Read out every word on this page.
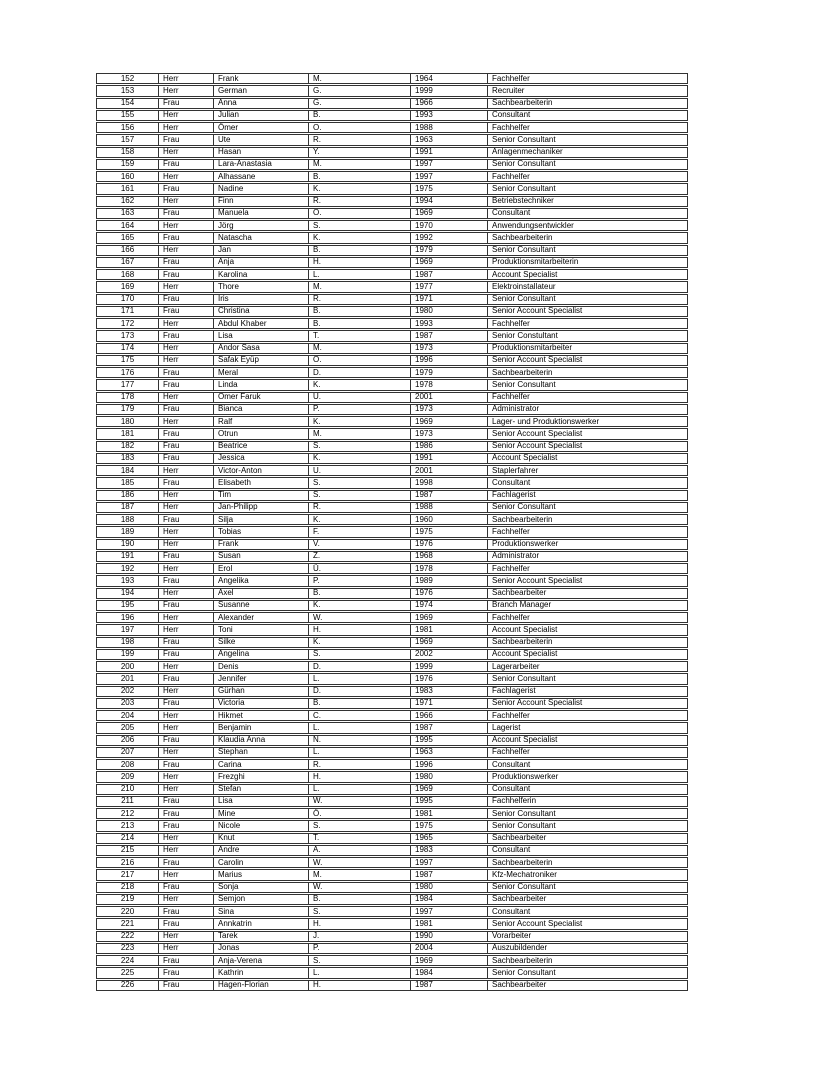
152	Herr	Frank	M.	1964	Fachhelfer
153	Herr	German	G.	1999	Recruiter
154	Frau	Anna	G.	1966	Sachbearbeiterin
155	Herr	Julian	B.	1993	Consultant
156	Herr	Ömer	O.	1988	Fachhelfer
157	Frau	Ute	R.	1963	Senior Consultant
158	Herr	Hasan	Y.	1991	Anlagenmechaniker
159	Frau	Lara-Anastasia	M.	1997	Senior Consultant
160	Herr	Alhassane	B.	1997	Fachhelfer
161	Frau	Nadine	K.	1975	Senior Consultant
162	Herr	Finn	R.	1994	Betriebstechniker
163	Frau	Manuela	O.	1969	Consultant
164	Herr	Jörg	S.	1970	Anwendungsentwickler
165	Frau	Natascha	K.	1992	Sachbearbeiterin
166	Herr	Jan	B.	1979	Senior Consultant
167	Frau	Anja	H.	1969	Produktionsmitarbeiterin
168	Frau	Karolina	L.	1987	Account Specialist
169	Herr	Thore	M.	1977	Elektroinstallateur
170	Frau	Iris	R.	1971	Senior Consultant
171	Frau	Christina	B.	1980	Senior Account Specialist
172	Herr	Abdul Khaber	B.	1993	Fachhelfer
173	Frau	Lisa	T.	1987	Senior Constultant
174	Herr	Andor Sasa	M.	1973	Produktionsmitarbeiter
175	Herr	Safak Eyüp	Ö.	1996	Senior Account Specialist
176	Frau	Meral	D.	1979	Sachbearbeiterin
177	Frau	Linda	K.	1978	Senior Consultant
178	Herr	Ömer Faruk	U.	2001	Fachhelfer
179	Frau	Bianca	P.	1973	Administrator
180	Herr	Ralf	K.	1969	Lager- und Produktionswerker
181	Frau	Otrun	M.	1973	Senior Account Specialist
182	Frau	Beatrice	S.	1986	Senior Account Specialist
183	Frau	Jessica	K.	1991	Account Specialist
184	Herr	Victor-Anton	U.	2001	Staplerfahrer
185	Frau	Elisabeth	S.	1998	Consultant
186	Herr	Tim	S.	1987	Fachlagerist
187	Herr	Jan-Philipp	R.	1988	Senior Consultant
188	Frau	Silja	K.	1960	Sachbearbeiterin
189	Herr	Tobias	F.	1975	Fachhelfer
190	Herr	Frank	V.	1976	Produktionswerker
191	Frau	Susan	Z.	1968	Administrator
192	Herr	Erol	Ü.	1978	Fachhelfer
193	Frau	Angelika	P.	1989	Senior Account Specialist
194	Herr	Axel	B.	1976	Sachbearbeiter
195	Frau	Susanne	K.	1974	Branch Manager
196	Herr	Alexander	W.	1969	Fachhelfer
197	Herr	Toni	H.	1981	Account Specialist
198	Frau	Silke	K.	1969	Sachbearbeiterin
199	Frau	Angelina	S.	2002	Account Specialist
200	Herr	Denis	D.	1999	Lagerarbeiter
201	Frau	Jennifer	L.	1976	Senior Consultant
202	Herr	Gürhan	D.	1983	Fachlagerist
203	Frau	Victoria	B.	1971	Senior Account Specialist
204	Herr	Hikmet	C.	1966	Fachhelfer
205	Herr	Benjamin	L.	1987	Lagerist
206	Frau	Klaudia Anna	N.	1995	Account Specialist
207	Herr	Stephan	L.	1963	Fachhelfer
208	Frau	Carina	R.	1996	Consultant
209	Herr	Frezghi	H.	1980	Produktionswerker
210	Herr	Stefan	L.	1969	Consultant
211	Frau	Lisa	W.	1995	Fachhelferin
212	Frau	Mine	Ö.	1981	Senior Consultant
213	Frau	Nicole	S.	1975	Senior Consultant
214	Herr	Knut	T.	1965	Sachbearbeiter
215	Herr	Andre	A.	1983	Consultant
216	Frau	Carolin	W.	1997	Sachbearbeiterin
217	Herr	Marius	M.	1987	Kfz-Mechatroniker
218	Frau	Sonja	W.	1980	Senior Consultant
219	Herr	Semjon	B.	1984	Sachbearbeiter
220	Frau	Sina	S.	1997	Consultant
221	Frau	Annkatrin	H.	1981	Senior Account Specialist
222	Herr	Tarek	J.	1990	Vorarbeiter
223	Herr	Jonas	P.	2004	Auszubildender
224	Frau	Anja-Verena	S.	1969	Sachbearbeiterin
225	Frau	Kathrin	L.	1984	Senior Consultant
226	Frau	Hagen-Florian	H.	1987	Sachbearbeiter
